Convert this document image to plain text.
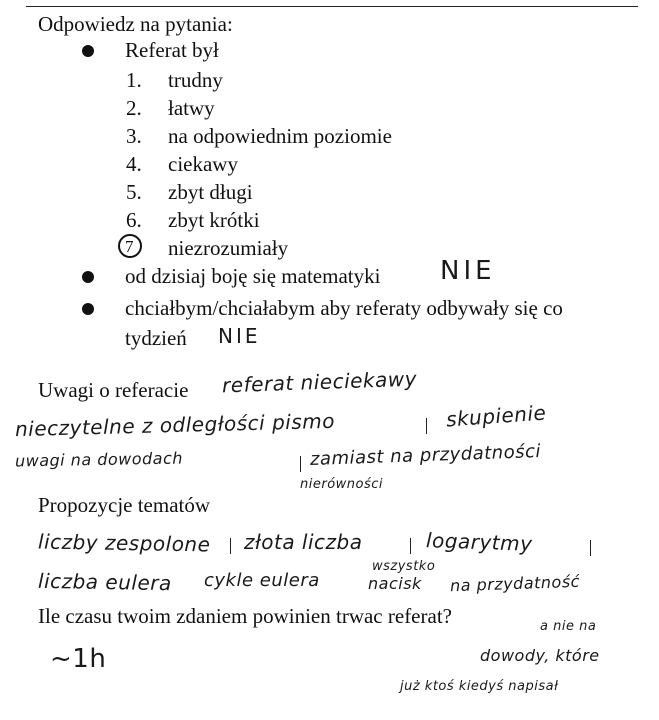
Odpowiedz na pytania:
Referat był
1. trudny
2. łatwy
3. na odpowiednim poziomie
4. ciekawy
5. zbyt długi
6. zbyt krótki
7 niezrozumiały
od dzisiaj boję się matematyki NIE
chciałbym/chciałabym aby referaty odbywały się co
tydzień NIE
Uwagi o referacie referat nieciekawy
nieczytelne z odległości pismo	skupienie
uwagi na dowodach	zamiast na przydatności
nierówności
Propozycje tematów
liczby zespolone złota liczba	logarytmy
liczba eulera cykle eulera
wszystko
nacisk na przydatność
Ile czasu twoim zdaniem powinien trwac referat?	a nie na
~1h	dowody, które
już ktoś kiedyś napisał
